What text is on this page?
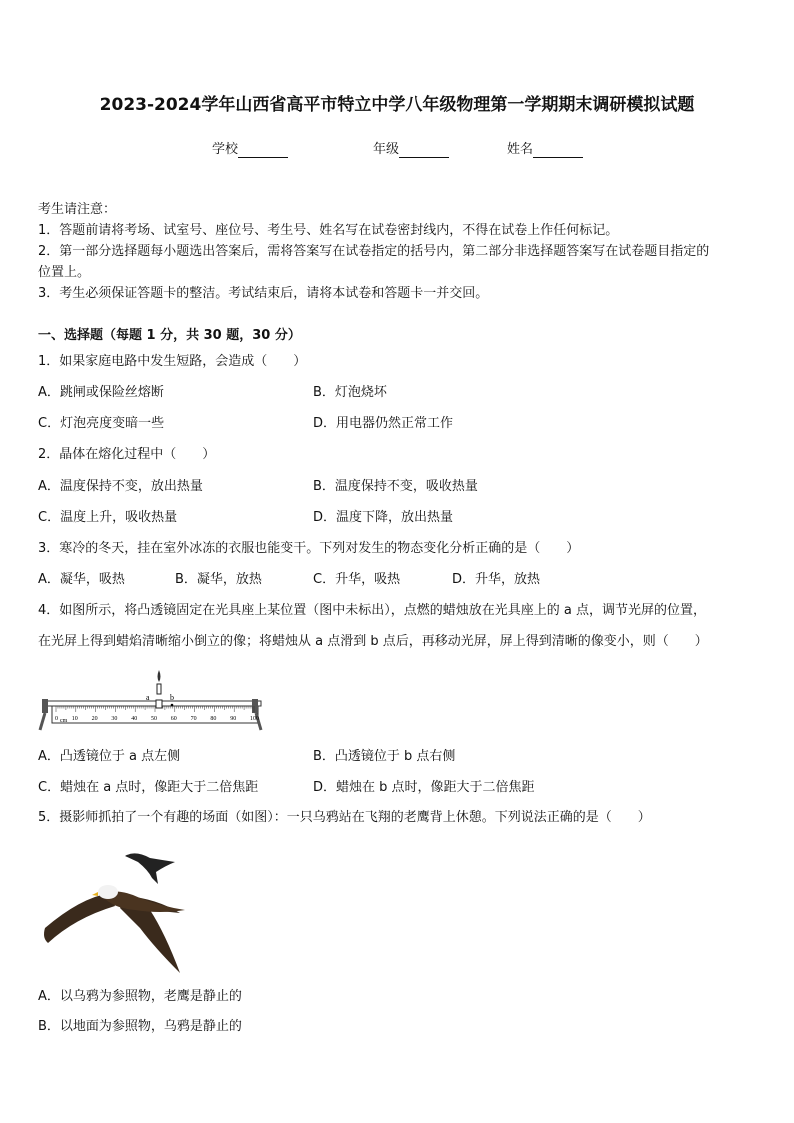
2023-2024学年山西省高平市特立中学八年级物理第一学期期末调研模拟试题
学校	年级	姓名
考生请注意：
1．答题前请将考场、试室号、座位号、考生号、姓名写在试卷密封线内，不得在试卷上作任何标记。
2．第一部分选择题每小题选出答案后，需将答案写在试卷指定的括号内，第二部分非选择题答案写在试卷题目指定的
位置上。
3．考生必须保证答题卡的整洁。考试结束后，请将本试卷和答题卡一并交回。
一、选择题（每题 1 分，共 30 题，30 分）
1．如果家庭电路中发生短路，会造成（　　）
A．跳闸或保险丝熔断	B．灯泡烧坏
C．灯泡亮度变暗一些	D．用电器仍然正常工作
2．晶体在熔化过程中（　　）
A．温度保持不变，放出热量	B．温度保持不变，吸收热量
C．温度上升，吸收热量	D．温度下降，放出热量
3．寒冷的冬天，挂在室外冰冻的衣服也能变干。下列对发生的物态变化分析正确的是（　　）
A．凝华，吸热	B．凝华，放热	C．升华，吸热	D．升华，放热
4．如图所示，将凸透镜固定在光具座上某位置（图中未标出），点燃的蜡烛放在光具座上的 a 点，调节光屏的位置，
在光屏上得到蜡焰清晰缩小倒立的像；将蜡烛从 a 点滑到 b 点后，再移动光屏，屏上得到清晰的像变小，则（　　）
0 10 20 30 40 50 60 70 80 90 100
a	b
cm
A．凸透镜位于 a 点左侧	B．凸透镜位于 b 点右侧
C．蜡烛在 a 点时，像距大于二倍焦距	D．蜡烛在 b 点时，像距大于二倍焦距
5．摄影师抓拍了一个有趣的场面（如图）：一只乌鸦站在飞翔的老鹰背上休憩。下列说法正确的是（　　）
A．以乌鸦为参照物，老鹰是静止的
B．以地面为参照物，乌鸦是静止的
